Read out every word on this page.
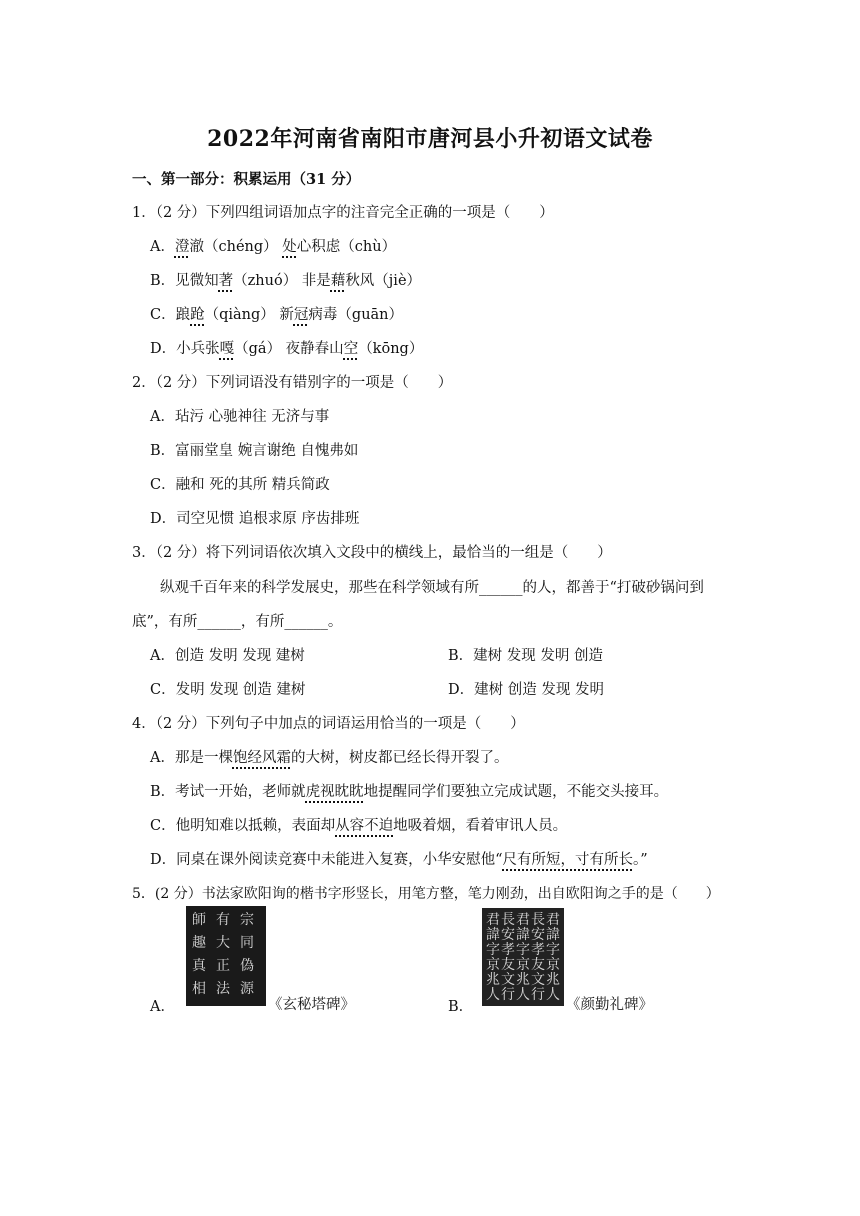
2022年河南省南阳市唐河县小升初语文试卷
一、第一部分：积累运用（31 分）
1．（2 分）下列四组词语加点字的注音完全正确的一项是（　　）
A．澄澈（chéng） 处心积虑（chù）
B．见微知著（zhuó） 非是藉秋风（jiè）
C．踉跄（qiàng） 新冠病毒（guān）
D．小兵张嘎（gá） 夜静春山空（kōng）
2．（2 分）下列词语没有错别字的一项是（　　）
A．玷污 心驰神往 无济与事
B．富丽堂皇 婉言谢绝 自愧弗如
C．融和 死的其所 精兵简政
D．司空见惯 追根求原 序齿排班
3．（2 分）将下列词语依次填入文段中的横线上，最恰当的一组是（　　）
纵观千百年来的科学发展史，那些在科学领域有所______的人，都善于“打破砂锅问到
底”，有所______，有所______。
A．创造 发明 发现 建树	B．建树 发现 发明 创造
C．发明 发现 创造 建树	D．建树 创造 发现 发明
4．（2 分）下列句子中加点的词语运用恰当的一项是（　　）
A．那是一棵饱经风霜的大树，树皮都已经长得开裂了。
B．考试一开始，老师就虎视眈眈地提醒同学们要独立完成试题，不能交头接耳。
C．他明知难以抵赖，表面却从容不迫地吸着烟，看着审讯人员。
D．同桌在课外阅读竞赛中未能进入复赛，小华安慰他“尺有所短，寸有所长。”
5．(2 分）书法家欧阳询的楷书字形竖长，用笔方整，笔力刚劲，出自欧阳询之手的是（　　）
A．
宗
同
偽
源
有
大
正
法
師
趣
真
相
《玄秘塔碑》	B．
君
諱
字
京
兆
人
長
安
孝
友
文
行
君
諱
字
京
兆
人
長
安
孝
友
文
行
君
諱
字
京
兆
人
《颜勤礼碑》
